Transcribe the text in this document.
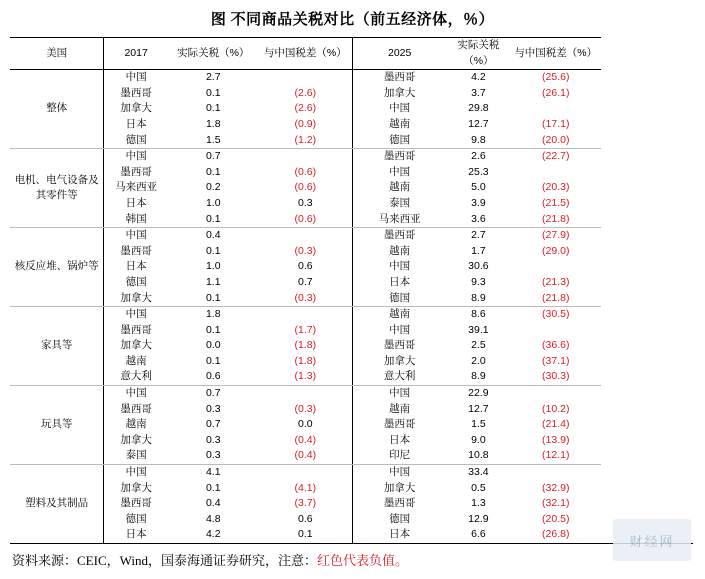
图 不同商品关税对比（前五经济体，％）
美国	2017	实际关税（%）	与中国税差（%）	2025	实际关税（%）	与中国税差（%）
整体	中国	2.7		墨西哥	4.2	(25.6)
	墨西哥	0.1	(2.6)	加拿大	3.7	(26.1)
	加拿大	0.1	(2.6)	中国	29.8	
	日本	1.8	(0.9)	越南	12.7	(17.1)
	德国	1.5	(1.2)	德国	9.8	(20.0)
电机、电气设备及其零件等	中国	0.7		墨西哥	2.6	(22.7)
	墨西哥	0.1	(0.6)	中国	25.3	
	马来西亚	0.2	(0.6)	越南	5.0	(20.3)
	日本	1.0	0.3	泰国	3.9	(21.5)
	韩国	0.1	(0.6)	马来西亚	3.6	(21.8)
核反应堆、锅炉等	中国	0.4		墨西哥	2.7	(27.9)
	墨西哥	0.1	(0.3)	越南	1.7	(29.0)
	日本	1.0	0.6	中国	30.6	
	德国	1.1	0.7	日本	9.3	(21.3)
	加拿大	0.1	(0.3)	德国	8.9	(21.8)
家具等	中国	1.8		越南	8.6	(30.5)
	墨西哥	0.1	(1.7)	中国	39.1	
	加拿大	0.0	(1.8)	墨西哥	2.5	(36.6)
	越南	0.1	(1.8)	加拿大	2.0	(37.1)
	意大利	0.6	(1.3)	意大利	8.9	(30.3)
玩具等	中国	0.7		中国	22.9	
	墨西哥	0.3	(0.3)	越南	12.7	(10.2)
	越南	0.7	0.0	墨西哥	1.5	(21.4)
	加拿大	0.3	(0.4)	日本	9.0	(13.9)
	泰国	0.3	(0.4)	印尼	10.8	(12.1)
塑料及其制品	中国	4.1		中国	33.4	
	加拿大	0.1	(4.1)	加拿大	0.5	(32.9)
	墨西哥	0.4	(3.7)	墨西哥	1.3	(32.1)
	德国	4.8	0.6	德国	12.9	(20.5)
	日本	4.2	0.1	日本	6.6	(26.8)
资料来源：CEIC，Wind，国泰海通证券研究，注意：红色代表负值。
财经网
